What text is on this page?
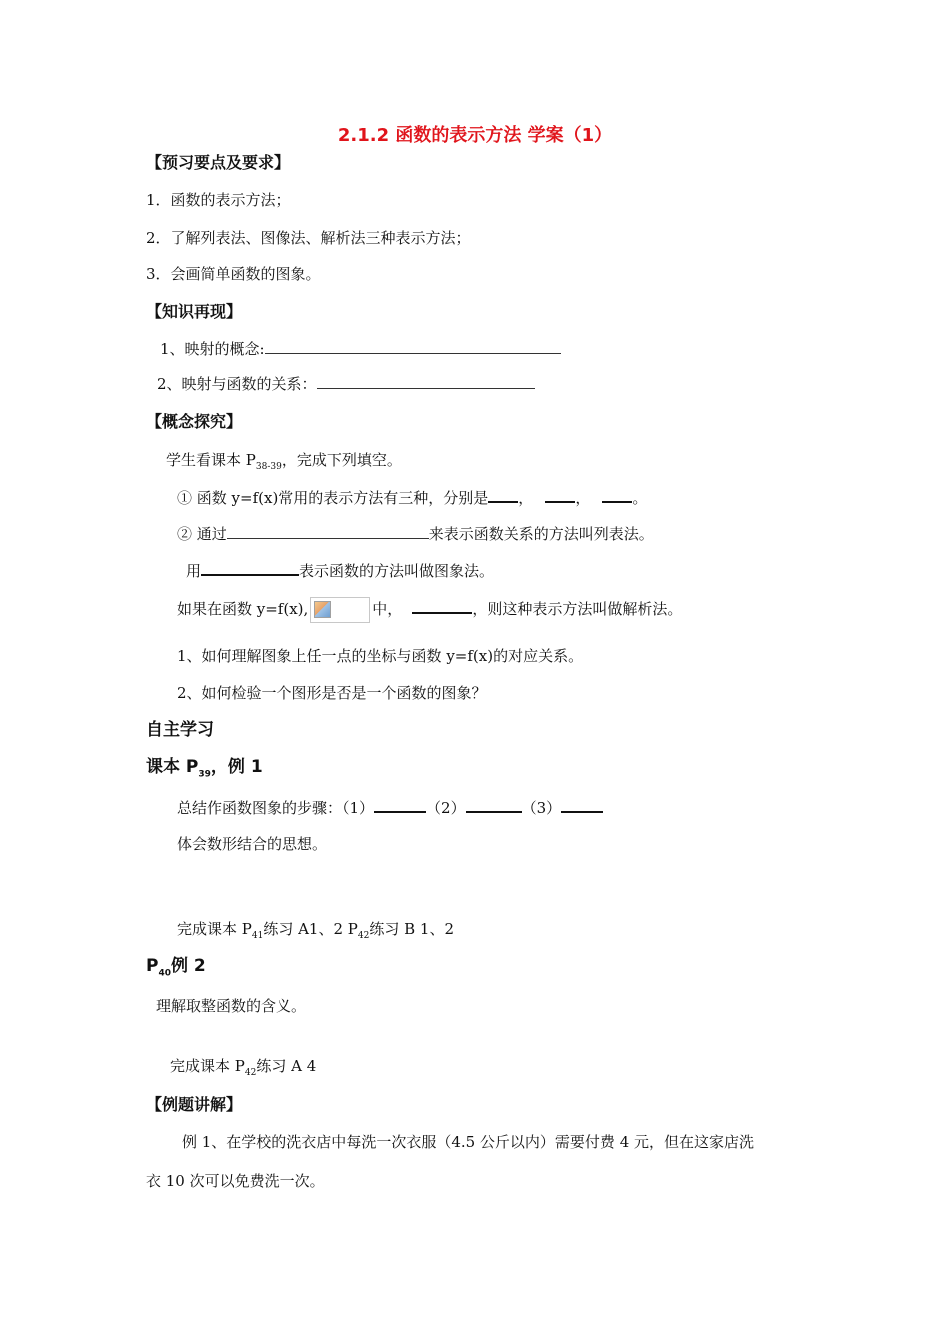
2.1.2 函数的表示方法 学案（1）
【预习要点及要求】
1．函数的表示方法；
2．了解列表法、图像法、解析法三种表示方法；
3．会画简单函数的图象。
【知识再现】
1、映射的概念:
2、映射与函数的关系：
【概念探究】
学生看课本 $P_{38-39}$，完成下列填空。
① 函数 y=f(x)常用的表示方法有三种，分别是 ，	，	。
② 通过	来表示函数关系的方法叫列表法。
用	表示函数的方法叫做图象法。
如果在函数 y=f(x),	中，	，则这种表示方法叫做解析法。
1、如何理解图象上任一点的坐标与函数 y=f(x)的对应关系。
2、如何检验一个图形是否是一个函数的图象？
自主学习
课本 $P_{39}$，例 1
总结作函数图象的步骤：（1）	（2）	（3）
体会数形结合的思想。
完成课本 $P_{41}$练习 A1、2 $P_{42}$练习 B 1、2
$P_{40}$例 2
理解取整函数的含义。
完成课本 $P_{42}$练习 A 4
【例题讲解】
例 1、在学校的洗衣店中每洗一次衣服（4.5 公斤以内）需要付费 4 元，但在这家店洗
衣 10 次可以免费洗一次。
